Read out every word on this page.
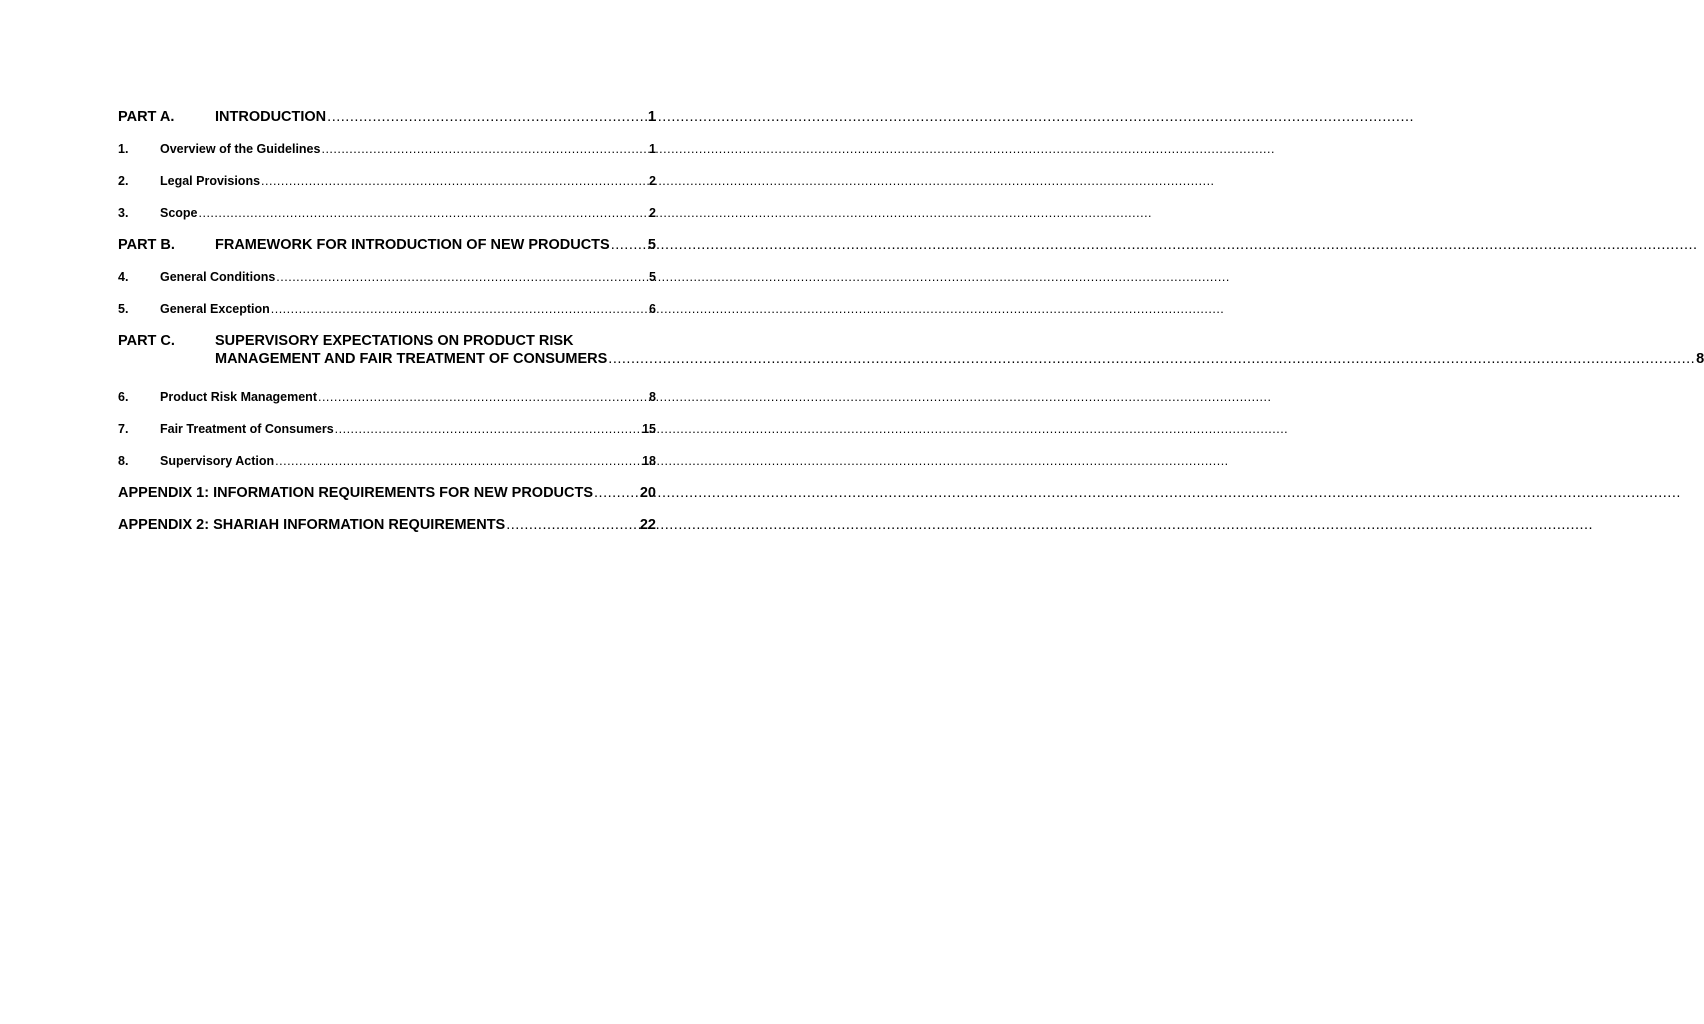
PART A.	INTRODUCTION .....	1
1.	Overview of the Guidelines .....	1
2.	Legal Provisions .....	2
3.	Scope .....	2
PART B.	FRAMEWORK FOR INTRODUCTION OF NEW PRODUCTS .....	5
4.	General Conditions .....	5
5.	General Exception .....	6
PART C.	SUPERVISORY EXPECTATIONS ON PRODUCT RISK
MANAGEMENT AND FAIR TREATMENT OF CONSUMERS .....	8
6.	Product Risk Management .....	8
7.	Fair Treatment of Consumers .....	15
8.	Supervisory Action .....	18
APPENDIX 1: INFORMATION REQUIREMENTS FOR NEW PRODUCTS .....	20
APPENDIX 2: SHARIAH INFORMATION REQUIREMENTS .....	22
